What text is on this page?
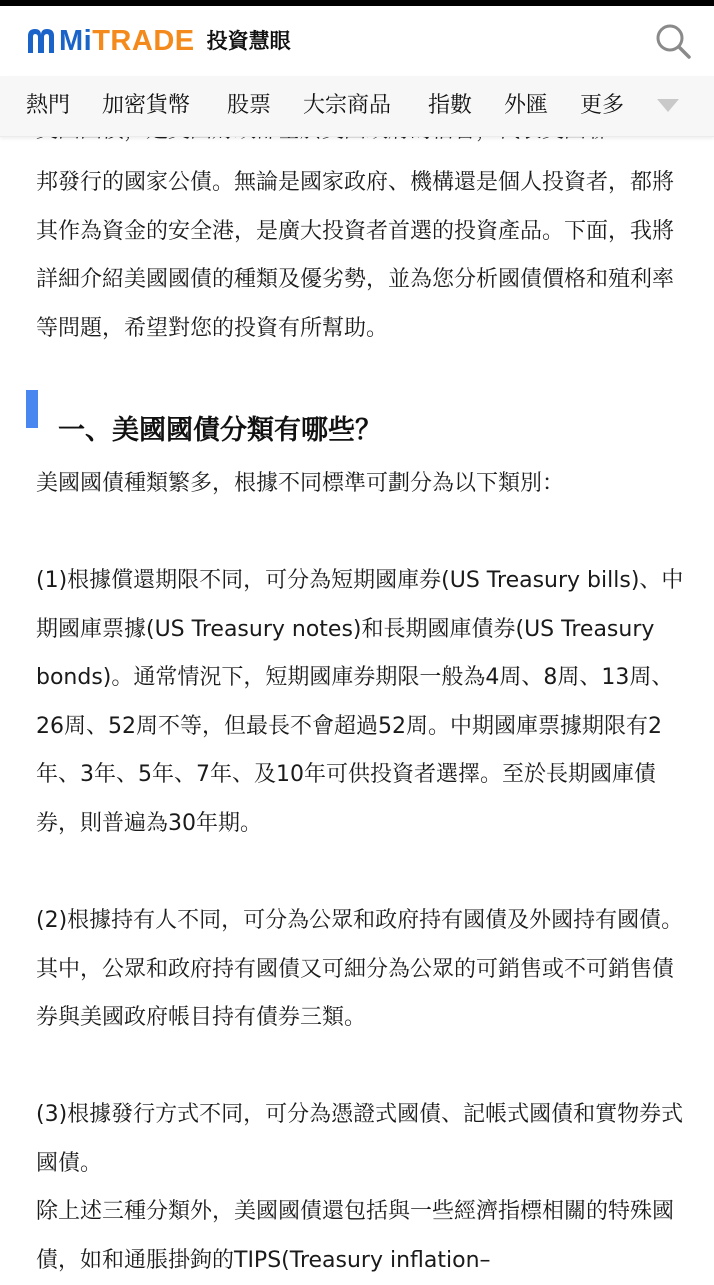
MiTRADE 投資慧眼
熱門 加密貨幣 股票 大宗商品 指數 外匯 更多

邦發行的國家公債。無論是國家政府、機構還是個人投資者，都將其作為資金的安全港，是廣大投資者首選的投資產品。下面，我將詳細介紹美國國債的種類及優劣勢，並為您分析國債價格和殖利率等問題，希望對您的投資有所幫助。

一、美國國債分類有哪些？

美國國債種類繁多，根據不同標準可劃分為以下類別：

(1)根據償還期限不同，可分為短期國庫券(US Treasury bills)、中期國庫票據(US Treasury notes)和長期國庫債券(US Treasury bonds)。通常情況下，短期國庫券期限一般為4周、8周、13周、26周、52周不等，但最長不會超過52周。中期國庫票據期限有2年、3年、5年、7年、及10年可供投資者選擇。至於長期國庫債券，則普遍為30年期。

(2)根據持有人不同，可分為公眾和政府持有國債及外國持有國債。其中，公眾和政府持有國債又可細分為公眾的可銷售或不可銷售債券與美國政府帳目持有債券三類。

(3)根據發行方式不同，可分為憑證式國債、記帳式國債和實物券式國債。

除上述三種分類外，美國國債還包括與一些經濟指標相關的特殊國債，如和通脹掛鉤的TIPS(Treasury inflation–
